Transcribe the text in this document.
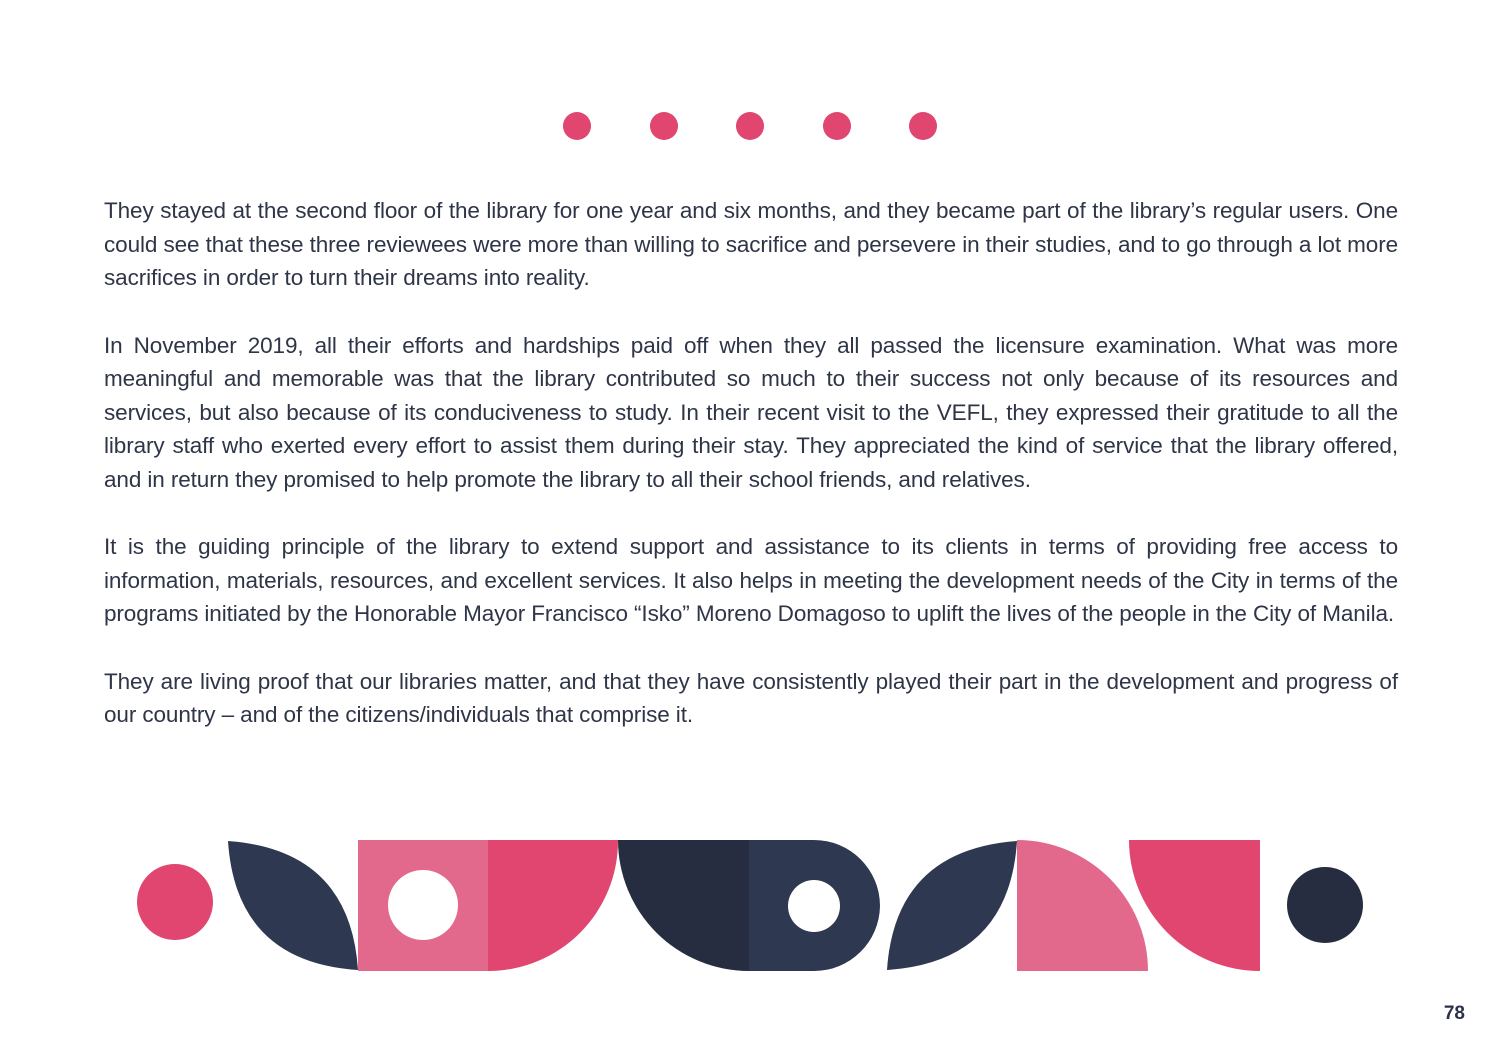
They stayed at the second floor of the library for one year and six months, and they became part of the library’s regular users. One could see that these three reviewees were more than willing to sacrifice and persevere in their studies, and to go through a lot more sacrifices in order to turn their dreams into reality.

In November 2019, all their efforts and hardships paid off when they all passed the licensure examination. What was more meaningful and memorable was that the library contributed so much to their success not only because of its resources and services, but also because of its conduciveness to study. In their recent visit to the VEFL, they expressed their gratitude to all the library staff who exerted every effort to assist them during their stay. They appreciated the kind of service that the library offered, and in return they promised to help promote the library to all their school friends, and relatives.

It is the guiding principle of the library to extend support and assistance to its clients in terms of providing free access to information, materials, resources, and excellent services. It also helps in meeting the development needs of the City in terms of the programs initiated by the Honorable Mayor Francisco “Isko” Moreno Domagoso to uplift the lives of the people in the City of Manila.

They are living proof that our libraries matter, and that they have consistently played their part in the development and progress of our country – and of the citizens/individuals that comprise it.

78
